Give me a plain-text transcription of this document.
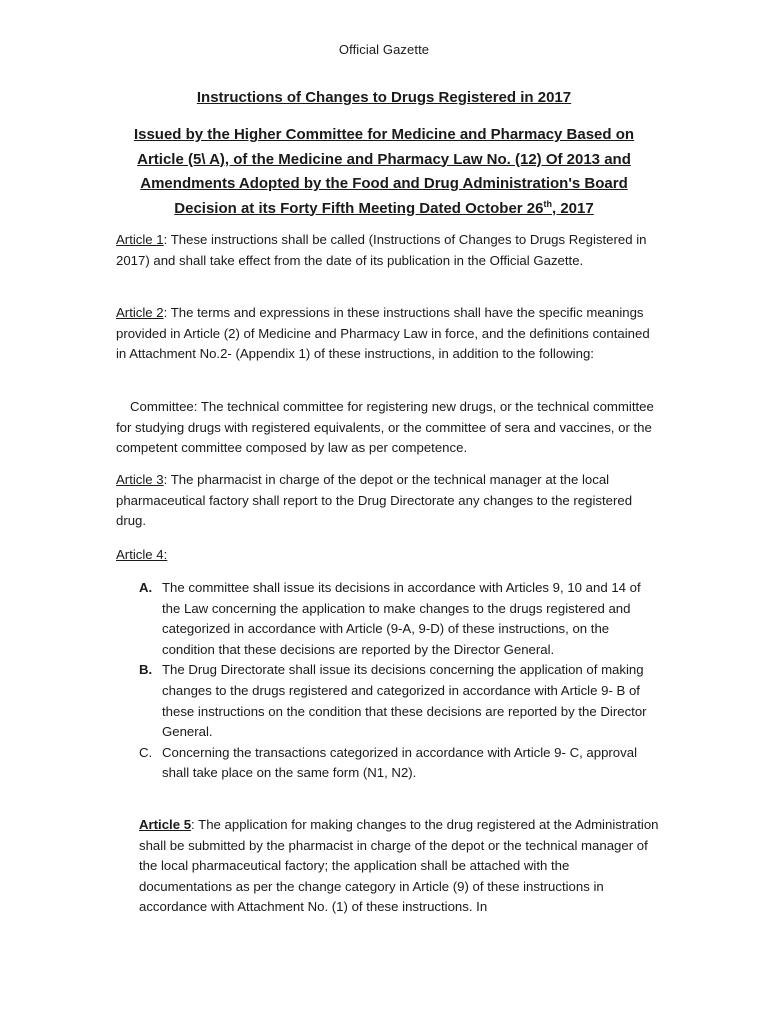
Official Gazette
Instructions of Changes to Drugs Registered in 2017
Issued by the Higher Committee for Medicine and Pharmacy Based on Article (5\ A), of the Medicine and Pharmacy Law No. (12) Of 2013 and Amendments Adopted by the Food and Drug Administration's Board Decision at its Forty Fifth Meeting Dated October 26th, 2017
Article 1: These instructions shall be called (Instructions of Changes to Drugs Registered in 2017) and shall take effect from the date of its publication in the Official Gazette.
Article 2: The terms and expressions in these instructions shall have the specific meanings provided in Article (2) of Medicine and Pharmacy Law in force, and the definitions contained in Attachment No.2- (Appendix 1) of these instructions, in addition to the following:
Committee: The technical committee for registering new drugs, or the technical committee for studying drugs with registered equivalents, or the committee of sera and vaccines, or the competent committee composed by law as per competence.
Article 3: The pharmacist in charge of the depot or the technical manager at the local pharmaceutical factory shall report to the Drug Directorate any changes to the registered drug.
Article 4:
A. The committee shall issue its decisions in accordance with Articles 9, 10 and 14 of the Law concerning the application to make changes to the drugs registered and categorized in accordance with Article (9-A, 9-D) of these instructions, on the condition that these decisions are reported by the Director General.
B. The Drug Directorate shall issue its decisions concerning the application of making changes to the drugs registered and categorized in accordance with Article 9- B of these instructions on the condition that these decisions are reported by the Director General.
C. Concerning the transactions categorized in accordance with Article 9- C, approval shall take place on the same form (N1, N2).
Article 5: The application for making changes to the drug registered at the Administration shall be submitted by the pharmacist in charge of the depot or the technical manager of the local pharmaceutical factory; the application shall be attached with the documentations as per the change category in Article (9) of these instructions in accordance with Attachment No. (1) of these instructions. In
